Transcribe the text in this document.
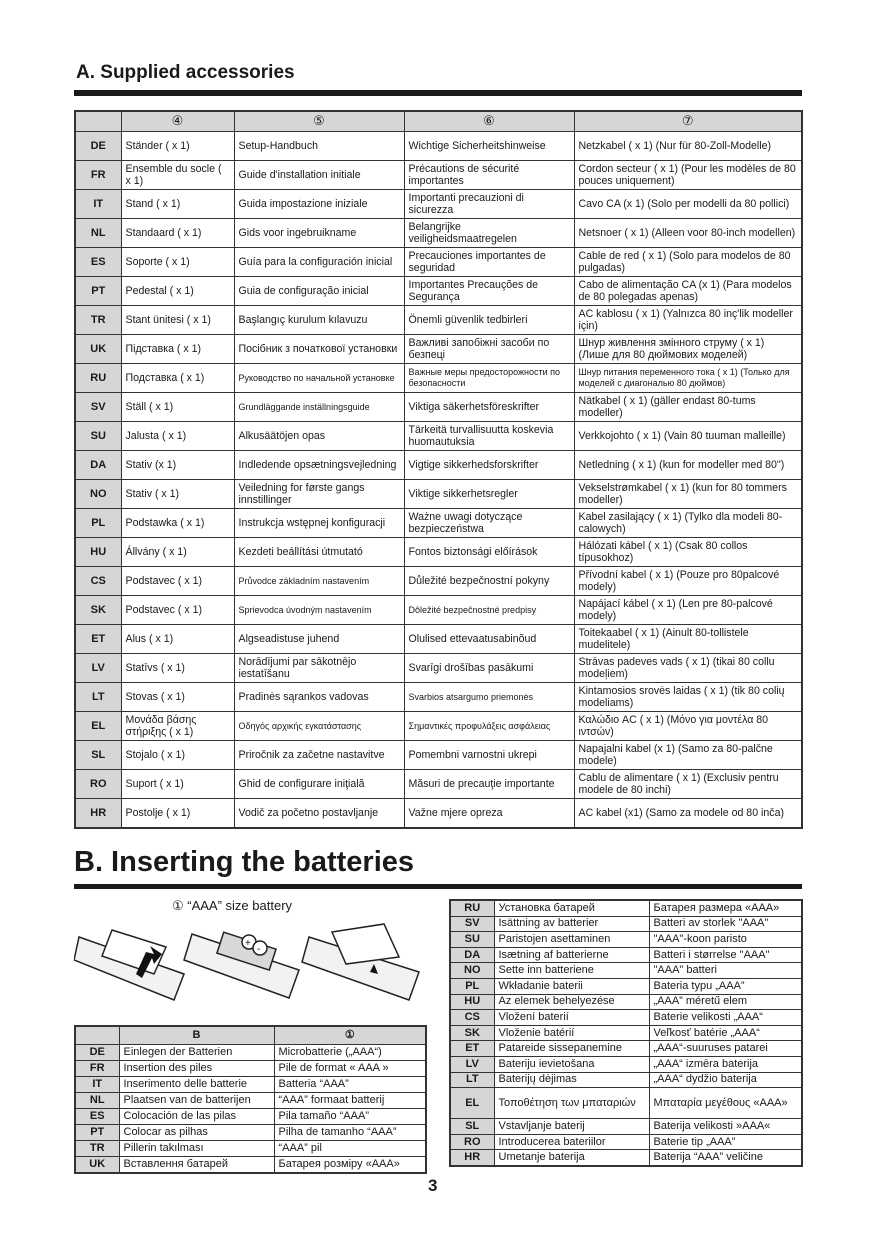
A. Supplied accessories
	④	⑤	⑥	⑦
DE	Ständer ( x 1)	Setup-Handbuch	Wichtige Sicherheitshinweise	Netzkabel ( x 1) (Nur für 80-Zoll-Modelle)
FR	Ensemble du socle ( x 1)	Guide d'installation initiale	Précautions de sécurité importantes	Cordon secteur ( x 1) (Pour les modèles de 80 pouces uniquement)
IT	Stand ( x 1)	Guida impostazione iniziale	Importanti precauzioni di sicurezza	Cavo CA (x 1) (Solo per modelli da 80 pollici)
NL	Standaard ( x 1)	Gids voor ingebruikname	Belangrijke veiligheidsmaatregelen	Netsnoer ( x 1) (Alleen voor 80-inch modellen)
ES	Soporte ( x 1)	Guía para la configuración inicial	Precauciones importantes de seguridad	Cable de red ( x 1) (Solo para modelos de 80 pulgadas)
PT	Pedestal ( x 1)	Guia de configuração inicial	Importantes Precauções de Segurança	Cabo de alimentação CA (x 1) (Para modelos de 80 polegadas apenas)
TR	Stant ünitesi ( x 1)	Başlangıç kurulum kılavuzu	Önemli güvenlik tedbirleri	AC kablosu ( x 1) (Yalnızca 80 inç'lik modeller için)
UK	Підставка ( x 1)	Посібник з початкової установки	Важливі запобіжні засоби по безпеці	Шнур живлення змінного струму ( x 1) (Лише для 80 дюймових моделей)
RU	Подставка ( x 1)	Руководство по начальной установке	Важные меры предосторожности по безопасности	Шнур питания переменного тока ( x 1) (Только для моделей с диагональю 80 дюймов)
SV	Ställ ( x 1)	Grundläggande inställningsguide	Viktiga säkerhetsföreskrifter	Nätkabel ( x 1) (gäller endast 80-tums modeller)
SU	Jalusta ( x 1)	Alkusäätöjen opas	Tärkeitä turvallisuutta koskevia huomautuksia	Verkkojohto ( x 1) (Vain 80 tuuman malleille)
DA	Stativ (x 1)	Indledende opsætningsvejledning	Vigtige sikkerhedsforskrifter	Netledning ( x 1) (kun for modeller med 80")
NO	Stativ ( x 1)	Veiledning for første gangs innstillinger	Viktige sikkerhetsregler	Vekselstrømkabel ( x 1) (kun for 80 tommers modeller)
PL	Podstawka ( x 1)	Instrukcja wstępnej konfiguracji	Ważne uwagi dotyczące bezpieczeństwa	Kabel zasilający ( x 1) (Tylko dla modeli 80-calowych)
HU	Állvány ( x 1)	Kezdeti beállítási útmutató	Fontos biztonsági előírások	Hálózati kábel ( x 1) (Csak 80 collos típusokhoz)
CS	Podstavec ( x 1)	Průvodce základním nastavením	Důležité bezpečnostní pokyny	Přívodní kabel ( x 1) (Pouze pro 80palcové modely)
SK	Podstavec ( x 1)	Sprievodca úvodným nastavením	Dôležité bezpečnostné predpisy	Napájací kábel ( x 1) (Len pre 80-palcové modely)
ET	Alus ( x 1)	Algseadistuse juhend	Olulised ettevaatusabinõud	Toitekaabel ( x 1) (Ainult 80-tollistele mudelitele)
LV	Statīvs ( x 1)	Norādījumi par sākotnējo iestatīšanu	Svarīgi drošības pasākumi	Strāvas padeves vads ( x 1) (tikai 80 collu modeļiem)
LT	Stovas ( x 1)	Pradinės sąrankos vadovas	Svarbios atsargumo priemonės	Kintamosios srovės laidas ( x 1) (tik 80 colių modeliams)
EL	Μονάδα βάσης στήριξης ( x 1)	Οδηγός αρχικής εγκατάστασης	Σημαντικές προφυλάξεις ασφάλειας	Καλώδιο AC ( x 1) (Μόνο για μοντέλα 80 ιντσών)
SL	Stojalo ( x 1)	Priročnik za začetne nastavitve	Pomembni varnostni ukrepi	Napajalni kabel (x 1) (Samo za 80-palčne modele)
RO	Suport ( x 1)	Ghid de configurare iniţială	Măsuri de precauţie importante	Cablu de alimentare ( x 1) (Exclusiv pentru modele de 80 inchi)
HR	Postolje ( x 1)	Vodič za početno postavljanje	Važne mjere opreza	AC kabel (x1) (Samo za modele od 80 inča)
B. Inserting the batteries
① “AAA” size battery
+
-
	B	①
DE	Einlegen der Batterien	Microbatterie („AAA“)
FR	Insertion des piles	Pile de format « AAA »
IT	Inserimento delle batterie	Batteria “AAA”
NL	Plaatsen van de batterijen	“AAA” formaat batterij
ES	Colocación de las pilas	Pila tamaño “AAA”
PT	Colocar as pilhas	Pilha de tamanho “AAA”
TR	Pillerin takılması	“AAA” pil
UK	Вставлення батарей	Батарея розміру «AAA»
RU	Установка батарей	Батарея размера «AAA»
SV	Isättning av batterier	Batteri av storlek "AAA"
SU	Paristojen asettaminen	"AAA"-koon paristo
DA	Isætning af batterierne	Batteri i størrelse "AAA"
NO	Sette inn batteriene	"AAA" batteri
PL	Wkładanie baterii	Bateria typu „AAA”
HU	Az elemek behelyezése	„AAA” méretű elem
CS	Vložení baterií	Baterie velikosti „AAA“
SK	Vloženie batérií	Veľkosť batérie „AAA“
ET	Patareide sissepanemine	„AAA“-suuruses patarei
LV	Bateriju ievietošana	„AAA“ izmēra baterija
LT	Baterijų dėjimas	„AAA“ dydžio baterija
EL	Τοποθέτηση των μπαταριών	Μπαταρία μεγέθους «AAA»
SL	Vstavljanje baterij	Baterija velikosti »AAA«
RO	Introducerea bateriilor	Baterie tip „AAA”
HR	Umetanje baterija	Baterija “AAA” veličine
3
